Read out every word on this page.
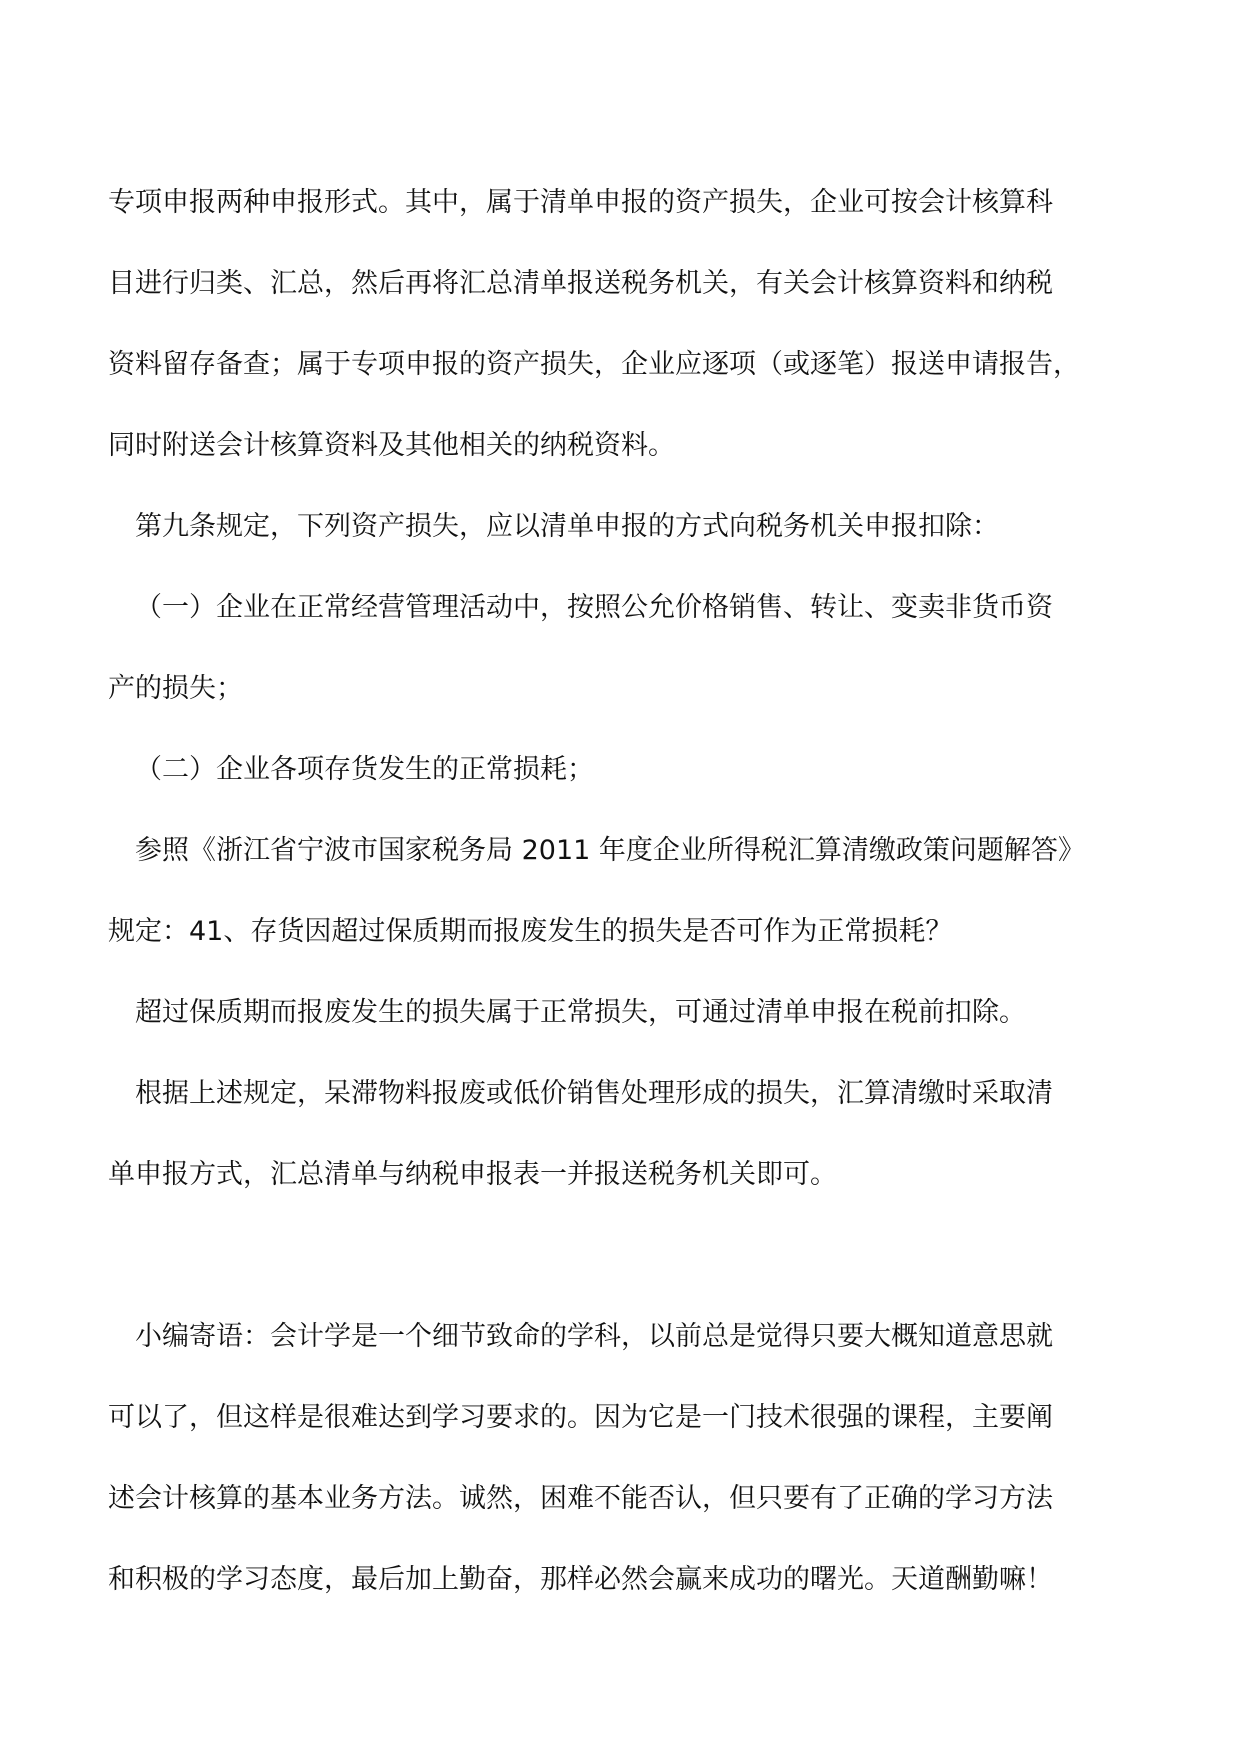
专项申报两种申报形式。其中，属于清单申报的资产损失，企业可按会计核算科

目进行归类、汇总，然后再将汇总清单报送税务机关，有关会计核算资料和纳税

资料留存备查；属于专项申报的资产损失，企业应逐项（或逐笔）报送申请报告，

同时附送会计核算资料及其他相关的纳税资料。

第九条规定，下列资产损失，应以清单申报的方式向税务机关申报扣除：

（一）企业在正常经营管理活动中，按照公允价格销售、转让、变卖非货币资

产的损失；

（二）企业各项存货发生的正常损耗；

参照《浙江省宁波市国家税务局 2011 年度企业所得税汇算清缴政策问题解答》

规定：41、存货因超过保质期而报废发生的损失是否可作为正常损耗？

超过保质期而报废发生的损失属于正常损失，可通过清单申报在税前扣除。

根据上述规定，呆滞物料报废或低价销售处理形成的损失，汇算清缴时采取清

单申报方式，汇总清单与纳税申报表一并报送税务机关即可。

小编寄语：会计学是一个细节致命的学科，以前总是觉得只要大概知道意思就

可以了，但这样是很难达到学习要求的。因为它是一门技术很强的课程，主要阐

述会计核算的基本业务方法。诚然，困难不能否认，但只要有了正确的学习方法

和积极的学习态度，最后加上勤奋，那样必然会赢来成功的曙光。天道酬勤嘛！
